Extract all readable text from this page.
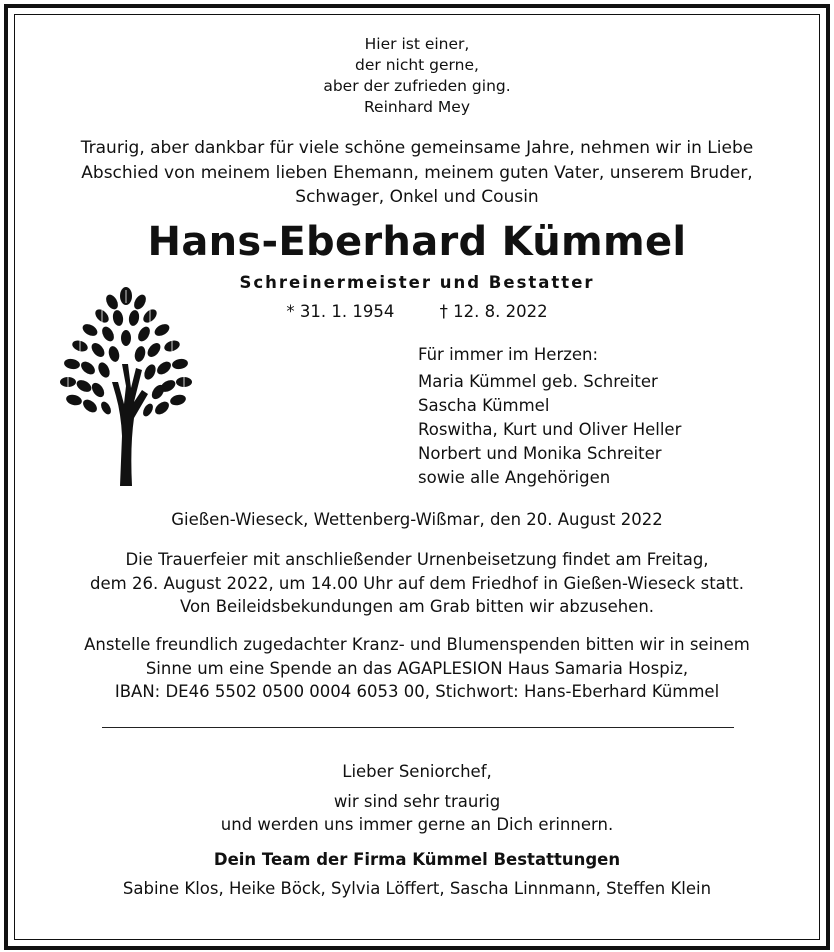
Hier ist einer,
der nicht gerne,
aber der zufrieden ging.
Reinhard Mey
Traurig, aber dankbar für viele schöne gemeinsame Jahre, nehmen wir in Liebe
Abschied von meinem lieben Ehemann, meinem guten Vater, unserem Bruder,
Schwager, Onkel und Cousin
Hans-Eberhard Kümmel
Schreinermeister und Bestatter
* 31. 1. 1954	† 12. 8. 2022
Für immer im Herzen:
Maria Kümmel geb. Schreiter
Sascha Kümmel
Roswitha, Kurt und Oliver Heller
Norbert und Monika Schreiter
sowie alle Angehörigen
Gießen-Wieseck, Wettenberg-Wißmar, den 20. August 2022
Die Trauerfeier mit anschließender Urnenbeisetzung findet am Freitag,
dem 26. August 2022, um 14.00 Uhr auf dem Friedhof in Gießen-Wieseck statt.
Von Beileidsbekundungen am Grab bitten wir abzusehen.
Anstelle freundlich zugedachter Kranz- und Blumenspenden bitten wir in seinem
Sinne um eine Spende an das AGAPLESION Haus Samaria Hospiz,
IBAN: DE46 5502 0500 0004 6053 00, Stichwort: Hans-Eberhard Kümmel
Lieber Seniorchef,
wir sind sehr traurig
und werden uns immer gerne an Dich erinnern.
Dein Team der Firma Kümmel Bestattungen
Sabine Klos, Heike Böck, Sylvia Löffert, Sascha Linnmann, Steffen Klein
